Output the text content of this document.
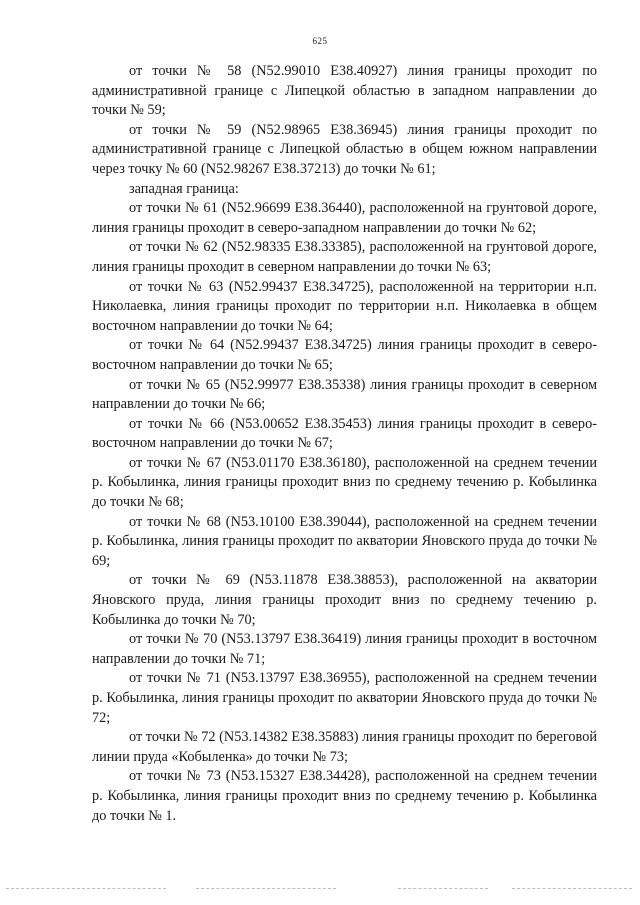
625

от точки № 58 (N52.99010 E38.40927) линия границы проходит по административной границе с Липецкой областью в западном направлении до точки № 59;

от точки № 59 (N52.98965 E38.36945) линия границы проходит по административной границе с Липецкой областью в общем южном направлении через точку № 60 (N52.98267 E38.37213) до точки № 61;

западная граница:

от точки № 61 (N52.96699 E38.36440), расположенной на грунтовой дороге, линия границы проходит в северо-западном направлении до точки № 62;

от точки № 62 (N52.98335 E38.33385), расположенной на грунтовой дороге, линия границы проходит в северном направлении до точки № 63;

от точки № 63 (N52.99437 E38.34725), расположенной на территории н.п. Николаевка, линия границы проходит по территории н.п. Николаевка в общем восточном направлении до точки № 64;

от точки № 64 (N52.99437 E38.34725) линия границы проходит в северо-восточном направлении до точки № 65;

от точки № 65 (N52.99977 E38.35338) линия границы проходит в северном направлении до точки № 66;

от точки № 66 (N53.00652 E38.35453) линия границы проходит в северо-восточном направлении до точки № 67;

от точки № 67 (N53.01170 E38.36180), расположенной на среднем течении р. Кобылинка, линия границы проходит вниз по среднему течению р. Кобылинка до точки № 68;

от точки № 68 (N53.10100 E38.39044), расположенной на среднем течении р. Кобылинка, линия границы проходит по акватории Яновского пруда до точки № 69;

от точки № 69 (N53.11878 E38.38853), расположенной на акватории Яновского пруда, линия границы проходит вниз по среднему течению р. Кобылинка до точки № 70;

от точки № 70 (N53.13797 E38.36419) линия границы проходит в восточном направлении до точки № 71;

от точки № 71 (N53.13797 E38.36955), расположенной на среднем течении р. Кобылинка, линия границы проходит по акватории Яновского пруда до точки № 72;

от точки № 72 (N53.14382 E38.35883) линия границы проходит по береговой линии пруда «Кобыленка» до точки № 73;

от точки № 73 (N53.15327 E38.34428), расположенной на среднем течении р. Кобылинка, линия границы проходит вниз по среднему течению р. Кобылинка до точки № 1.
